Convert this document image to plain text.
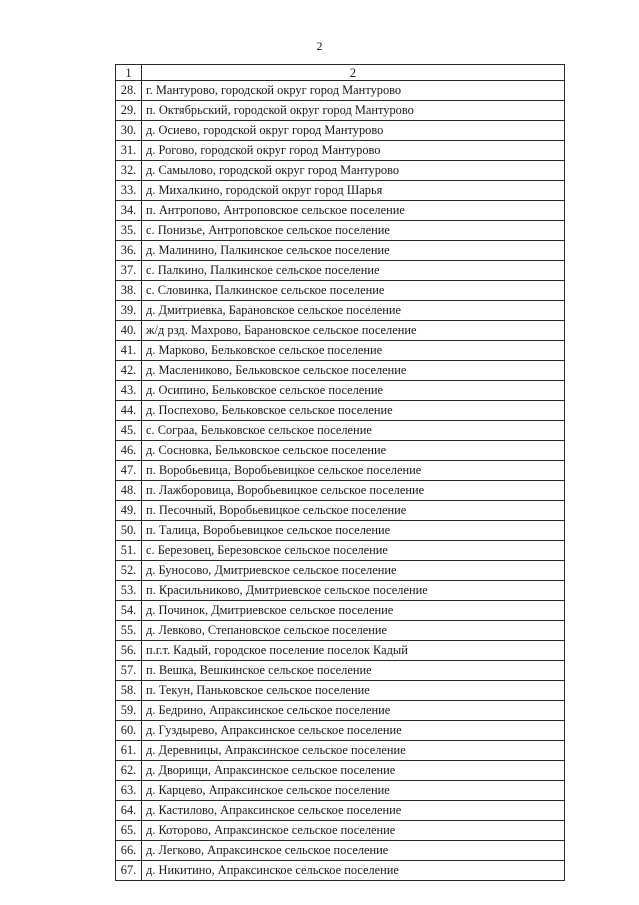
2
1	2
28.	г. Мантурово, городской округ город Мантурово
29.	п. Октябрьский, городской округ город Мантурово
30.	д. Осиево, городской округ город Мантурово
31.	д. Рогово, городской округ город Мантурово
32.	д. Самылово, городской округ город Мантурово
33.	д. Михалкино, городской округ город Шарья
34.	п. Антропово, Антроповское сельское поселение
35.	с. Понизье, Антроповское сельское поселение
36.	д. Малинино, Палкинское сельское поселение
37.	с. Палкино, Палкинское сельское поселение
38.	с. Словинка, Палкинское сельское поселение
39.	д. Дмитриевка, Барановское сельское поселение
40.	ж/д рзд. Махрово, Барановское сельское поселение
41.	д. Марково, Бельковское сельское поселение
42.	д. Маслениково, Бельковское сельское поселение
43.	д. Осипино, Бельковское сельское поселение
44.	д. Поспехово, Бельковское сельское поселение
45.	с. Сограа, Бельковское сельское поселение
46.	д. Сосновка, Бельковское сельское поселение
47.	п. Воробьевица, Воробьевицкое сельское поселение
48.	п. Лажборовица, Воробьевицкое сельское поселение
49.	п. Песочный, Воробьевицкое сельское поселение
50.	п. Талица, Воробьевицкое сельское поселение
51.	с. Березовец, Березовское сельское поселение
52.	д. Буносово, Дмитриевское сельское поселение
53.	п. Красильниково, Дмитриевское сельское поселение
54.	д. Починок, Дмитриевское сельское поселение
55.	д. Левково, Степановское сельское поселение
56.	п.г.т. Кадый, городское поселение поселок Кадый
57.	п. Вешка, Вешкинское сельское поселение
58.	п. Текун, Паньковское сельское поселение
59.	д. Бедрино, Апраксинское сельское поселение
60.	д. Гуздырево, Апраксинское сельское поселение
61.	д. Деревницы, Апраксинское сельское поселение
62.	д. Дворищи, Апраксинское сельское поселение
63.	д. Карцево, Апраксинское сельское поселение
64.	д. Кастилово, Апраксинское сельское поселение
65.	д. Которово, Апраксинское сельское поселение
66.	д. Легково, Апраксинское сельское поселение
67.	д. Никитино, Апраксинское сельское поселение
